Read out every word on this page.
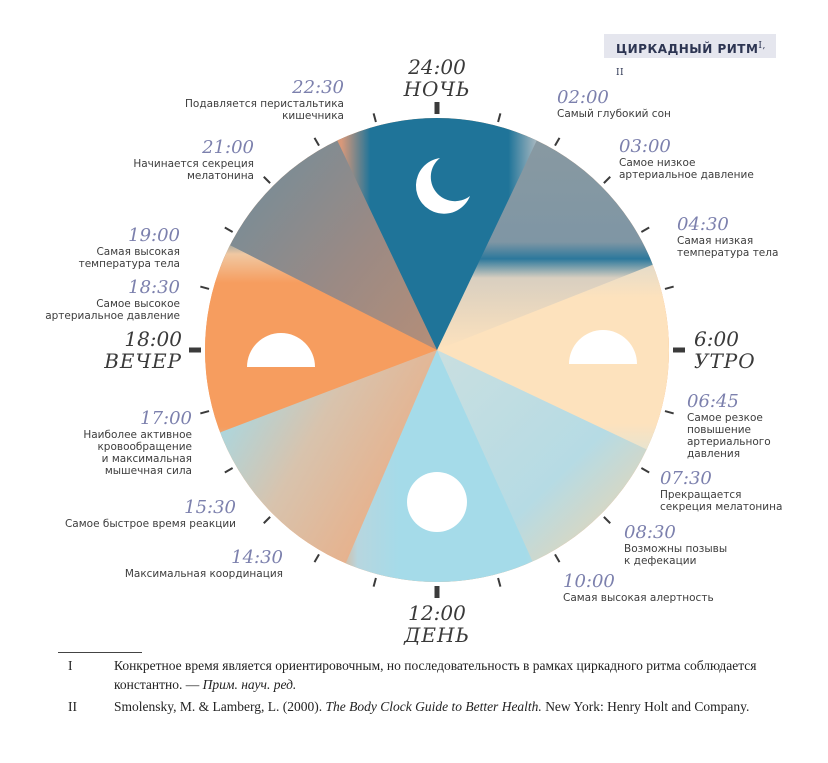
ЦИРКАДНЫЙ $РИТМ^{I, II}$
24:00
НОЧЬ
6:00
УТРО
12:00
ДЕНЬ
18:00
ВЕЧЕР
02:00
Самый глубокий сон
03:00
Самое низкое
артериальное давление
04:30
Самая низкая
температура тела
06:45
Самое резкое
повышение
артериального
давления
07:30
Прекращается
секреция мелатонина
08:30
Возможны позывы
к дефекации
10:00
Самая высокая алертность
14:30
Максимальная координация
15:30
Самое быстрое время реакции
17:00
Наиболее активное
кровообращение
и максимальная
мышечная сила
18:30
Самое высокое
артериальное давление
19:00
Самая высокая
температура тела
21:00
Начинается секреция
мелатонина
22:30
Подавляется перистальтика
кишечника
I	Конкретное время является ориентировочным, но последовательность в рамках циркадного ритма соблюдается константно. — Прим. науч. ред.
II	Smolensky, M. & Lamberg, L. (2000). The Body Clock Guide to Better Health. New York: Henry Holt and Company.
